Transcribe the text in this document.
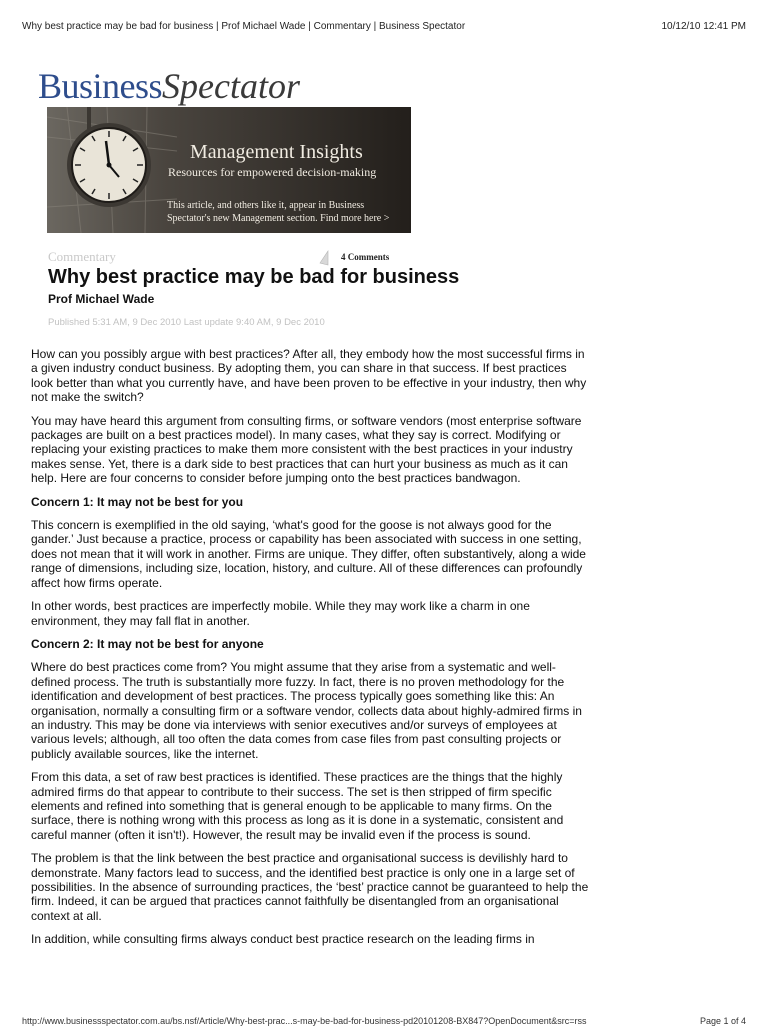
Why best practice may be bad for business | Prof Michael Wade | Commentary | Business Spectator	10/12/10 12:41 PM
BusinessSpectator
Management Insights
Resources for empowered decision-making
This article, and others like it, appear in Business Spectator's new Management section. Find more here >
Commentary	4 Comments
Why best practice may be bad for business
Prof Michael Wade
Published 5:31 AM, 9 Dec 2010 Last update 9:40 AM, 9 Dec 2010

How can you possibly argue with best practices? After all, they embody how the most successful firms in a given industry conduct business. By adopting them, you can share in that success. If best practices look better than what you currently have, and have been proven to be effective in your industry, then why not make the switch?

You may have heard this argument from consulting firms, or software vendors (most enterprise software packages are built on a best practices model). In many cases, what they say is correct. Modifying or replacing your existing practices to make them more consistent with the best practices in your industry makes sense. Yet, there is a dark side to best practices that can hurt your business as much as it can help. Here are four concerns to consider before jumping onto the best practices bandwagon.

Concern 1: It may not be best for you

This concern is exemplified in the old saying, ‘what's good for the goose is not always good for the gander.’ Just because a practice, process or capability has been associated with success in one setting, does not mean that it will work in another. Firms are unique. They differ, often substantively, along a wide range of dimensions, including size, location, history, and culture. All of these differences can profoundly affect how firms operate.

In other words, best practices are imperfectly mobile. While they may work like a charm in one environment, they may fall flat in another.

Concern 2: It may not be best for anyone

Where do best practices come from? You might assume that they arise from a systematic and well-defined process. The truth is substantially more fuzzy. In fact, there is no proven methodology for the identification and development of best practices. The process typically goes something like this: An organisation, normally a consulting firm or a software vendor, collects data about highly-admired firms in an industry. This may be done via interviews with senior executives and/or surveys of employees at various levels; although, all too often the data comes from case files from past consulting projects or publicly available sources, like the internet.

From this data, a set of raw best practices is identified. These practices are the things that the highly admired firms do that appear to contribute to their success. The set is then stripped of firm specific elements and refined into something that is general enough to be applicable to many firms. On the surface, there is nothing wrong with this process as long as it is done in a systematic, consistent and careful manner (often it isn't!). However, the result may be invalid even if the process is sound.

The problem is that the link between the best practice and organisational success is devilishly hard to demonstrate. Many factors lead to success, and the identified best practice is only one in a large set of possibilities. In the absence of surrounding practices, the ‘best’ practice cannot be guaranteed to help the firm. Indeed, it can be argued that practices cannot faithfully be disentangled from an organisational context at all.

In addition, while consulting firms always conduct best practice research on the leading firms in

http://www.businessspectator.com.au/bs.nsf/Article/Why-best-prac...s-may-be-bad-for-business-pd20101208-BX847?OpenDocument&src=rss	Page 1 of 4
